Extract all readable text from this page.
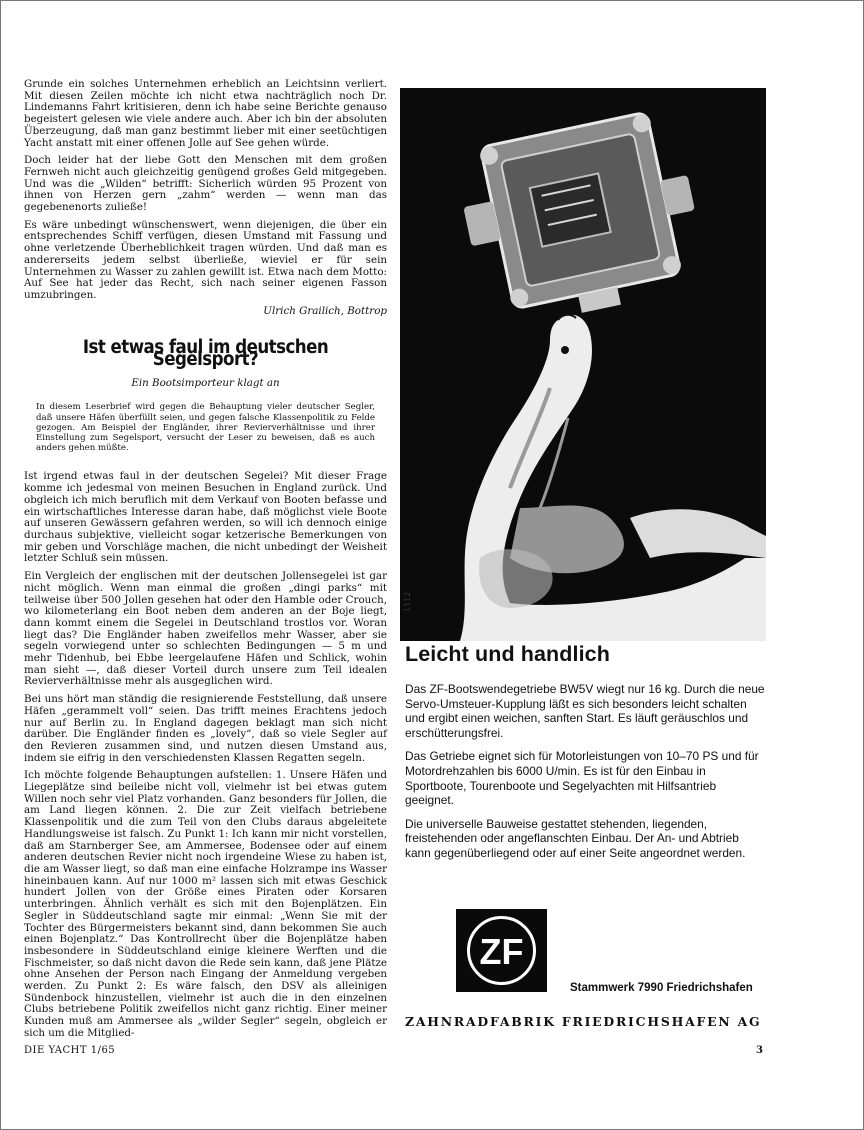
Grunde ein solches Unternehmen erheblich an Leichtsinn verliert. Mit diesen Zeilen möchte ich nicht etwa nachträglich noch Dr. Lindemanns Fahrt kritisieren, denn ich habe seine Berichte genauso begeistert gelesen wie viele andere auch. Aber ich bin der absoluten Überzeugung, daß man ganz bestimmt lieber mit einer seetüchtigen Yacht anstatt mit einer offenen Jolle auf See gehen würde.

Doch leider hat der liebe Gott den Menschen mit dem großen Fernweh nicht auch gleichzeitig genügend großes Geld mitgegeben. Und was die „Wilden“ betrifft: Sicherlich würden 95 Prozent von ihnen von Herzen gern „zahm“ werden — wenn man das gegebenenorts zuließe!

Es wäre unbedingt wünschenswert, wenn diejenigen, die über ein entsprechendes Schiff verfügen, diesen Umstand mit Fassung und ohne verletzende Überheblichkeit tragen würden. Und daß man es andererseits jedem selbst überließe, wieviel er für sein Unternehmen zu Wasser zu zahlen gewillt ist. Etwa nach dem Motto: Auf See hat jeder das Recht, sich nach seiner eigenen Fasson umzubringen.

Ulrich Grailich, Bottrop
Ist etwas faul im deutschen Segelsport?
Ein Bootsimporteur klagt an
In diesem Leserbrief wird gegen die Behauptung vieler deutscher Segler, daß unsere Häfen überfüllt seien, und gegen falsche Klassenpolitik zu Felde gezogen. Am Beispiel der Engländer, ihrer Revierverhältnisse und ihrer Einstellung zum Segelsport, versucht der Leser zu beweisen, daß es auch anders gehen müßte.

Ist irgend etwas faul in der deutschen Segelei? Mit dieser Frage komme ich jedesmal von meinen Besuchen in England zurück. Und obgleich ich mich beruflich mit dem Verkauf von Booten befasse und ein wirtschaftliches Interesse daran habe, daß möglichst viele Boote auf unseren Gewässern gefahren werden, so will ich dennoch einige durchaus subjektive, vielleicht sogar ketzerische Bemerkungen von mir geben und Vorschläge machen, die nicht unbedingt der Weisheit letzter Schluß sein müssen.

Ein Vergleich der englischen mit der deutschen Jollensegelei ist gar nicht möglich. Wenn man einmal die großen „dingi parks“ mit teilweise über 500 Jollen gesehen hat oder den Hamble oder Crouch, wo kilometerlang ein Boot neben dem anderen an der Boje liegt, dann kommt einem die Segelei in Deutschland trostlos vor. Woran liegt das? Die Engländer haben zweifellos mehr Wasser, aber sie segeln vorwiegend unter so schlechten Bedingungen — 5 m und mehr Tidenhub, bei Ebbe leergelaufene Häfen und Schlick, wohin man sieht —, daß dieser Vorteil durch unsere zum Teil idealen Revierverhältnisse mehr als ausgeglichen wird.

Bei uns hört man ständig die resignierende Feststellung, daß unsere Häfen „gerammelt voll“ seien. Das trifft meines Erachtens jedoch nur auf Berlin zu. In England dagegen beklagt man sich nicht darüber. Die Engländer finden es „lovely“, daß so viele Segler auf den Revieren zusammen sind, und nutzen diesen Umstand aus, indem sie eifrig in den verschiedensten Klassen Regatten segeln.

Ich möchte folgende Behauptungen aufstellen: 1. Unsere Häfen und Liegeplätze sind beileibe nicht voll, vielmehr ist bei etwas gutem Willen noch sehr viel Platz vorhanden. Ganz besonders für Jollen, die am Land liegen können. 2. Die zur Zeit vielfach betriebene Klassenpolitik und die zum Teil von den Clubs daraus abgeleitete Handlungsweise ist falsch. Zu Punkt 1: Ich kann mir nicht vorstellen, daß am Starnberger See, am Ammersee, Bodensee oder auf einem anderen deutschen Revier nicht noch irgendeine Wiese zu haben ist, die am Wasser liegt, so daß man eine einfache Holzrampe ins Wasser hineinbauen kann. Auf nur 1000 m² lassen sich mit etwas Geschick hundert Jollen von der Größe eines Piraten oder Korsaren unterbringen. Ähnlich verhält es sich mit den Bojenplätzen. Ein Segler in Süddeutschland sagte mir einmal: „Wenn Sie mit der Tochter des Bürgermeisters bekannt sind, dann bekommen Sie auch einen Bojenplatz.“ Das Kontrollrecht über die Bojenplätze haben insbesondere in Süddeutschland einige kleinere Werften und die Fischmeister, so daß nicht davon die Rede sein kann, daß jene Plätze ohne Ansehen der Person nach Eingang der Anmeldung vergeben werden. Zu Punkt 2: Es wäre falsch, den DSV als alleinigen Sündenbock hinzustellen, vielmehr ist auch die in den einzelnen Clubs betriebene Politik zweifellos nicht ganz richtig. Einer meiner Kunden muß am Ammersee als „wilder Segler“ segeln, obgleich er sich um die Mitglied-

1112
Leicht und handlich

Das ZF-Bootswendegetriebe BW5V wiegt nur 16 kg. Durch die neue Servo-Umsteuer-Kupplung läßt es sich besonders leicht schalten und ergibt einen weichen, sanften Start. Es läuft geräuschlos und erschütterungsfrei.

Das Getriebe eignet sich für Motorleistungen von 10–70 PS und für Motordrehzahlen bis 6000 U/min. Es ist für den Einbau in Sportboote, Tourenboote und Segelyachten mit Hilfsantrieb geeignet.

Die universelle Bauweise gestattet stehenden, liegenden, freistehenden oder angeflanschten Einbau. Der An- und Abtrieb kann gegenüberliegend oder auf einer Seite angeordnet werden.

ZF
Stammwerk 7990 Friedrichshafen
ZAHNRADFABRIK FRIEDRICHSHAFEN AG
DIE YACHT 1/65	3
